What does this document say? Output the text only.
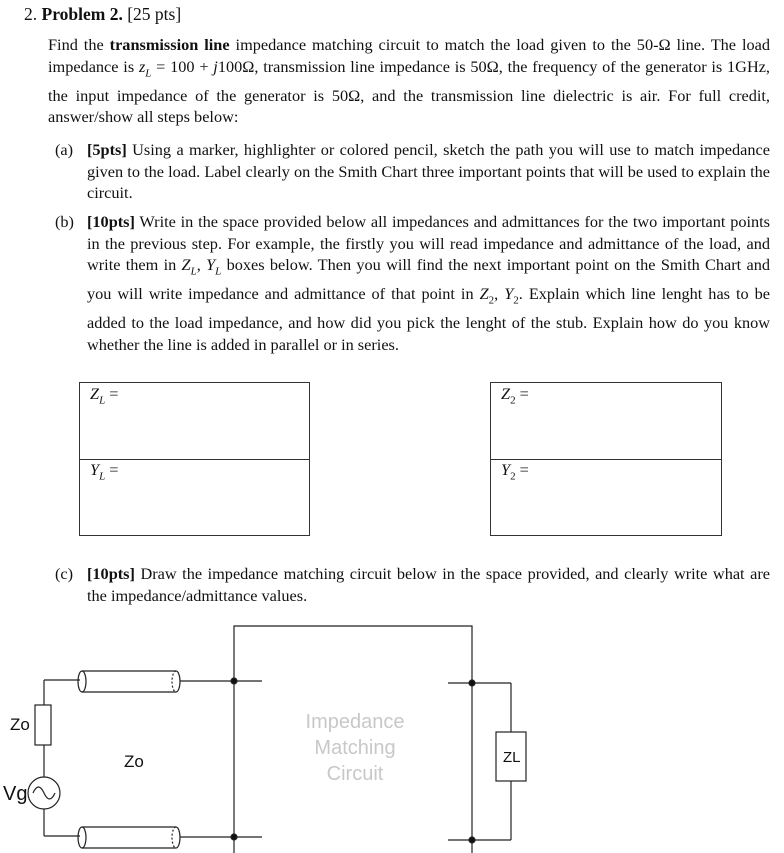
2. Problem 2. [25 pts]
Find the transmission line impedance matching circuit to match the load given to the 50-Ω line. The load impedance is $z_L = 100 + j100\Omega$, transmission line impedance is 50Ω, the frequency of the generator is 1GHz, the input impedance of the generator is 50Ω, and the transmission line dielectric is air. For full credit, answer/show all steps below:
(a) [5pts] Using a marker, highlighter or colored pencil, sketch the path you will use to match impedance given to the load. Label clearly on the Smith Chart three important points that will be used to explain the circuit.
(b) [10pts] Write in the space provided below all impedances and admittances for the two important points in the previous step. For example, the firstly you will read impedance and admittance of the load, and write them in $Z_L$, $Y_L$ boxes below. Then you will find the next important point on the Smith Chart and you will write impedance and admittance of that point in $Z_2$, $Y_2$. Explain which line lenght has to be added to the load impedance, and how did you pick the lenght of the stub. Explain how do you know whether the line is added in parallel or in series.
$Z_L$ =
$Y_L$ =
$Z_2$ =
$Y_2$ =
(c) [10pts] Draw the impedance matching circuit below in the space provided, and clearly write what are the impedance/admittance values.
Zo
Zo
Vg
ZL
Impedance
Matching
Circuit
